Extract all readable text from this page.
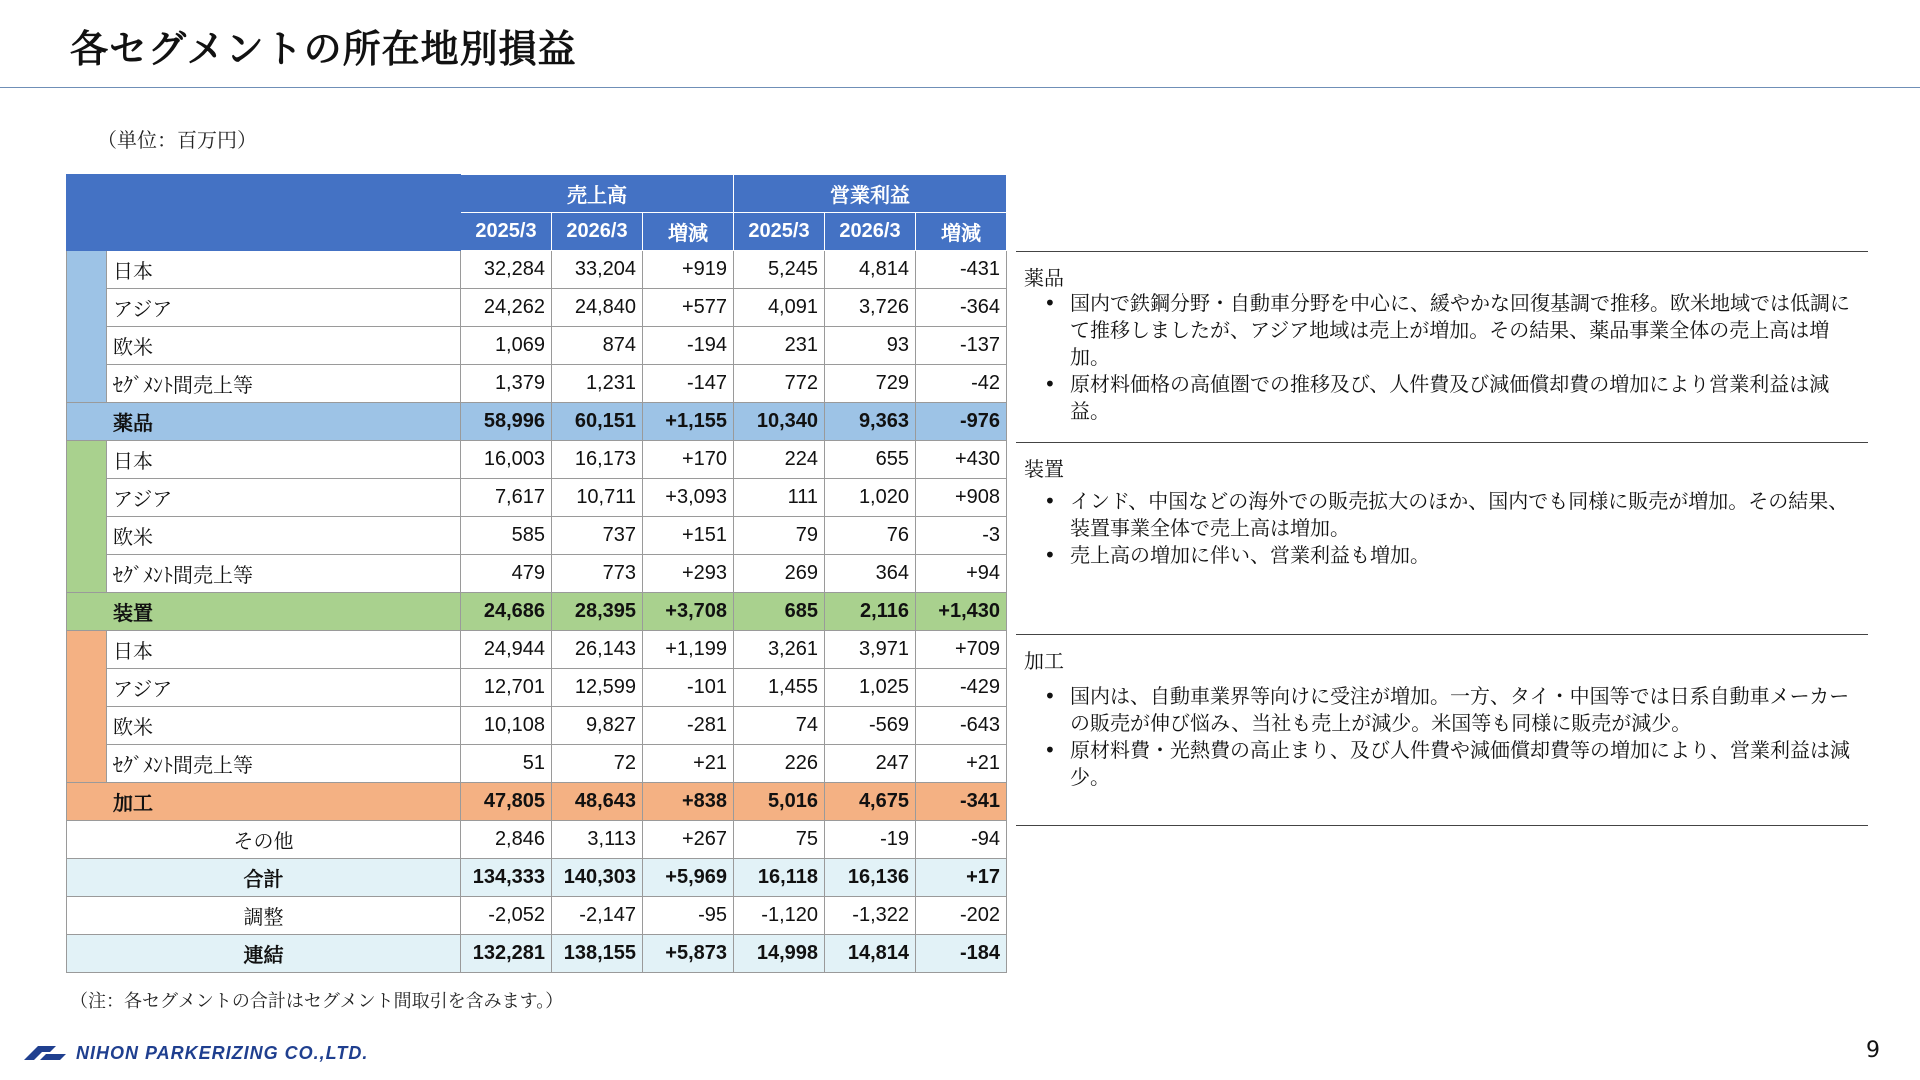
各セグメントの所在地別損益
（単位：百万円）
		売上高			営業利益		
		2025/3	2026/3	増減	2025/3	2026/3	増減
	日本	32,284	33,204	+919	5,245	4,814	-431
	アジア	24,262	24,840	+577	4,091	3,726	-364
	欧米	1,069	874	-194	231	93	-137
	ｾｸﾞﾒﾝﾄ間売上等	1,379	1,231	-147	772	729	-42
薬品		58,996	60,151	+1,155	10,340	9,363	-976
	日本	16,003	16,173	+170	224	655	+430
	アジア	7,617	10,711	+3,093	111	1,020	+908
	欧米	585	737	+151	79	76	-3
	ｾｸﾞﾒﾝﾄ間売上等	479	773	+293	269	364	+94
装置		24,686	28,395	+3,708	685	2,116	+1,430
	日本	24,944	26,143	+1,199	3,261	3,971	+709
	アジア	12,701	12,599	-101	1,455	1,025	-429
	欧米	10,108	9,827	-281	74	-569	-643
	ｾｸﾞﾒﾝﾄ間売上等	51	72	+21	226	247	+21
加工		47,805	48,643	+838	5,016	4,675	-341
その他		2,846	3,113	+267	75	-19	-94
合計		134,333	140,303	+5,969	16,118	16,136	+17
調整		-2,052	-2,147	-95	-1,120	-1,322	-202
連結		132,281	138,155	+5,873	14,998	14,814	-184
（注：各セグメントの合計はセグメント間取引を含みます。）
薬品
• 国内で鉄鋼分野・自動車分野を中心に、緩やかな回復基調で推移。欧米地域では低調にて推移しましたが、アジア地域は売上が増加。その結果、薬品事業全体の売上高は増加。
• 原材料価格の高値圏での推移及び、人件費及び減価償却費の増加により営業利益は減益。
装置
• インド、中国などの海外での販売拡大のほか、国内でも同様に販売が増加。その結果、装置事業全体で売上高は増加。
• 売上高の増加に伴い、営業利益も増加。
加工
• 国内は、自動車業界等向けに受注が増加。一方、タイ・中国等では日系自動車メーカーの販売が伸び悩み、当社も売上が減少。米国等も同様に販売が減少。
• 原材料費・光熱費の高止まり、及び人件費や減価償却費等の増加により、営業利益は減少。
NIHON PARKERIZING CO.,LTD.	9
